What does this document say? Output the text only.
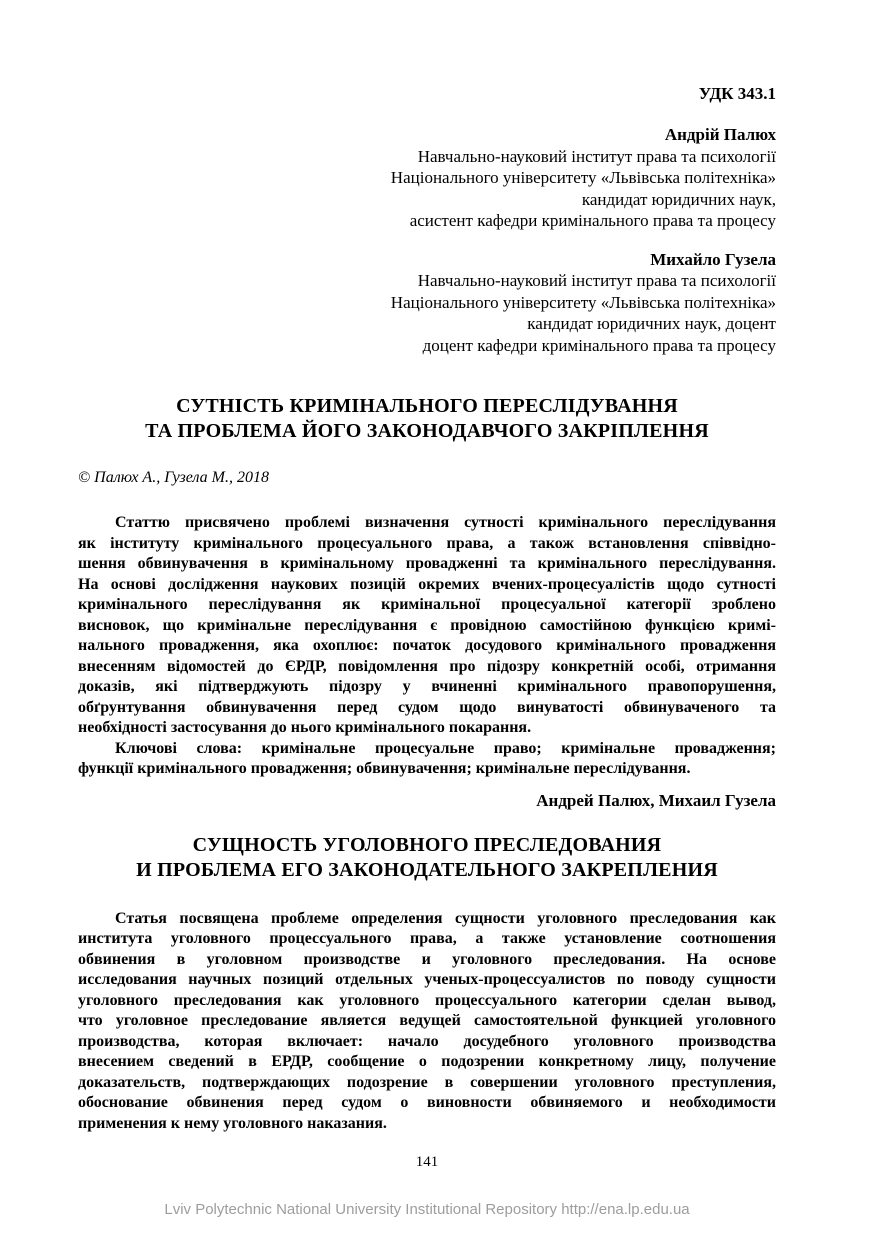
УДК 343.1
Андрій Палюх
Навчально-науковий інститут права та психології
Національного університету «Львівська політехніка»
кандидат юридичних наук,
асистент кафедри кримінального права та процесу
Михайло Гузела
Навчально-науковий інститут права та психології
Національного університету «Львівська політехніка»
кандидат юридичних наук, доцент
доцент кафедри кримінального права та процесу
СУТНІСТЬ КРИМІНАЛЬНОГО ПЕРЕСЛІДУВАННЯ
ТА ПРОБЛЕМА ЙОГО ЗАКОНОДАВЧОГО ЗАКРІПЛЕННЯ
© Палюх А., Гузела М., 2018
Статтю присвячено проблемі визначення сутності кримінального переслідування
як інституту кримінального процесуального права, а також встановлення співвідно-
шення обвинувачення в кримінальному провадженні та кримінального переслідування.
На основі дослідження наукових позицій окремих вчених-процесуалістів щодо сутності
кримінального переслідування як кримінальної процесуальної категорії зроблено
висновок, що кримінальне переслідування є провідною самостійною функцією кримі-
нального провадження, яка охоплює: початок досудового кримінального провадження
внесенням відомостей до ЄРДР, повідомлення про підозру конкретній особі, отримання
доказів, які підтверджують підозру у вчиненні кримінального правопорушення,
обґрунтування обвинувачення перед судом щодо винуватості обвинуваченого та
необхідності застосування до нього кримінального покарання.
Ключові слова: кримінальне процесуальне право; кримінальне провадження;
функції кримінального провадження; обвинувачення; кримінальне переслідування.
Андрей Палюх, Михаил Гузела
СУЩНОСТЬ УГОЛОВНОГО ПРЕСЛЕДОВАНИЯ
И ПРОБЛЕМА ЕГО ЗАКОНОДАТЕЛЬНОГО ЗАКРЕПЛЕНИЯ
Статья посвящена проблеме определения сущности уголовного преследования как
института уголовного процессуального права, а также установление соотношения
обвинения в уголовном производстве и уголовного преследования. На основе
исследования научных позиций отдельных ученых-процессуалистов по поводу сущности
уголовного преследования как уголовного процессуального категории сделан вывод,
что уголовное преследование является ведущей самостоятельной функцией уголовного
производства, которая включает: начало досудебного уголовного производства
внесением сведений в ЕРДР, сообщение о подозрении конкретному лицу, получение
доказательств, подтверждающих подозрение в совершении уголовного преступления,
обоснование обвинения перед судом о виновности обвиняемого и необходимости
применения к нему уголовного наказания.
141
Lviv Polytechnic National University Institutional Repository http://ena.lp.edu.ua
